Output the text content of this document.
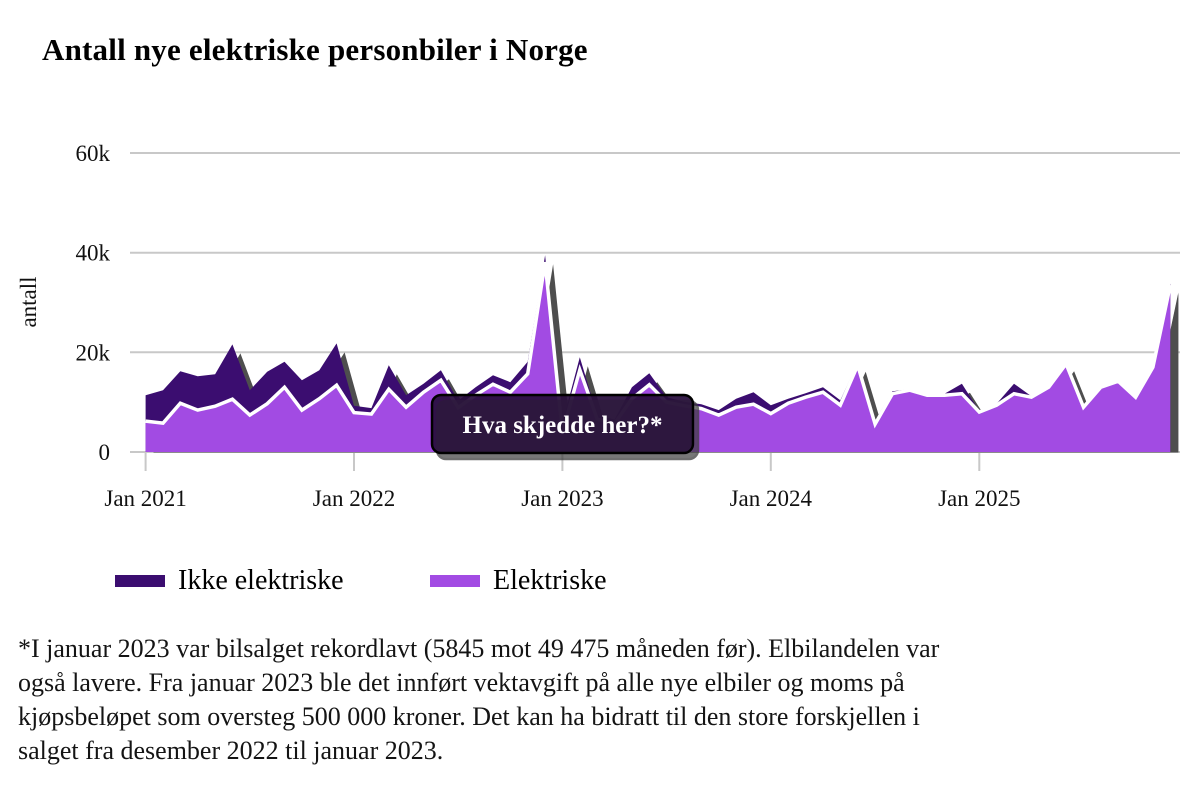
Antall nye elektriske personbiler i Norge
60k
40k
20k
0
antall
Jan 2021	Jan 2022	Jan 2023	Jan 2024	Jan 2025
Hva skjedde her?*
Ikke elektriske	Elektriske
*I januar 2023 var bilsalget rekordlavt (5845 mot 49 475 måneden før). Elbilandelen var
også lavere. Fra januar 2023 ble det innført vektavgift på alle nye elbiler og moms på
kjøpsbeløpet som oversteg 500 000 kroner. Det kan ha bidratt til den store forskjellen i
salget fra desember 2022 til januar 2023.
